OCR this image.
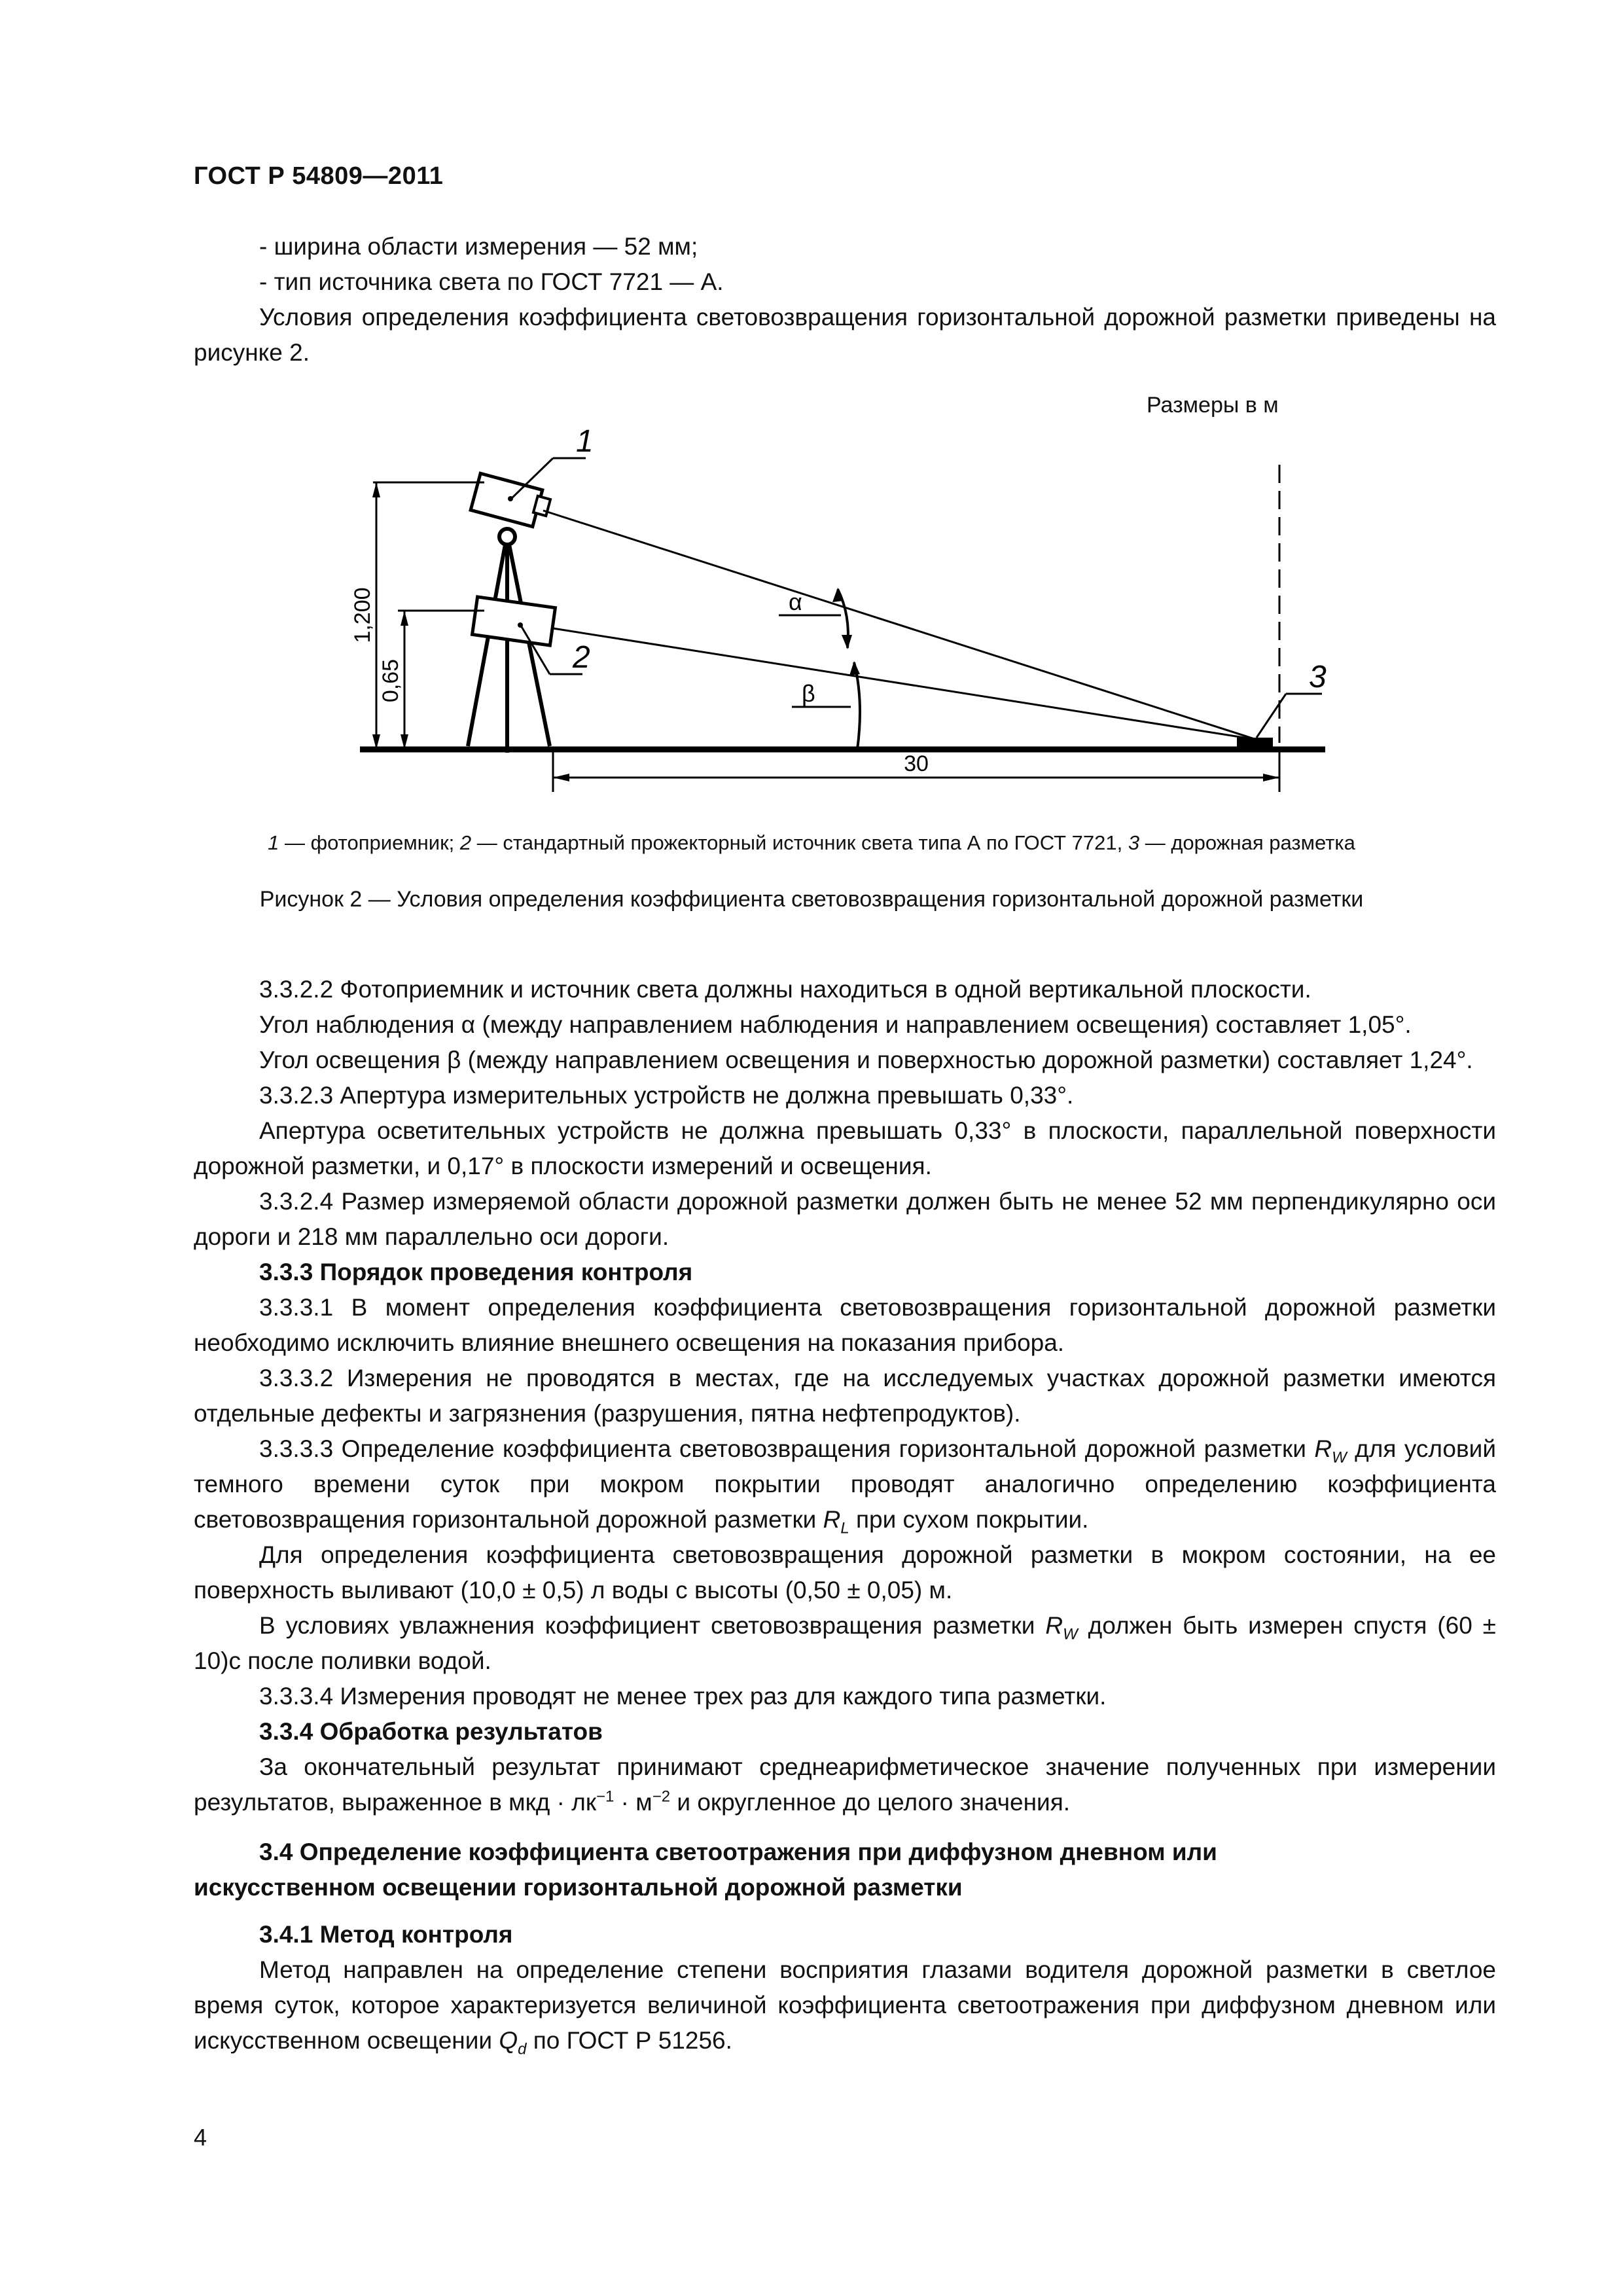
ГОСТ Р 54809—2011

- ширина области измерения — 52 мм;

- тип источника света по ГОСТ 7721 — А.

Условия определения коэффициента световозвращения горизонтальной дорожной разметки приведены на рисунке 2.

Размеры в м
1,200
0,65
30
α
β
1
2
3
1 — фотоприемник; 2 — стандартный прожекторный источник света типа А по ГОСТ 7721, 3 — дорожная разметка
Рисунок 2 — Условия определения коэффициента световозвращения горизонтальной дорожной разметки

3.3.2.2 Фотоприемник и источник света должны находиться в одной вертикальной плоскости.

Угол наблюдения α (между направлением наблюдения и направлением освещения) составляет 1,05°.

Угол освещения β (между направлением освещения и поверхностью дорожной разметки) составляет 1,24°.

3.3.2.3 Апертура измерительных устройств не должна превышать 0,33°.

Апертура осветительных устройств не должна превышать 0,33° в плоскости, параллельной поверхности дорожной разметки, и 0,17° в плоскости измерений и освещения.

3.3.2.4 Размер измеряемой области дорожной разметки должен быть не менее 52 мм перпендикулярно оси дороги и 218 мм параллельно оси дороги.

3.3.3 Порядок проведения контроля

3.3.3.1 В момент определения коэффициента световозвращения горизонтальной дорожной разметки необходимо исключить влияние внешнего освещения на показания прибора.

3.3.3.2 Измерения не проводятся в местах, где на исследуемых участках дорожной разметки имеются отдельные дефекты и загрязнения (разрушения, пятна нефтепродуктов).

3.3.3.3 Определение коэффициента световозвращения горизонтальной дорожной разметки $R_W$ для условий темного времени суток при мокром покрытии проводят аналогично определению коэффициента световозвращения горизонтальной дорожной разметки $R_L$ при сухом покрытии.

Для определения коэффициента световозвращения дорожной разметки в мокром состоянии, на ее поверхность выливают (10,0 ± 0,5) л воды с высоты (0,50 ± 0,05) м.

В условиях увлажнения коэффициент световозвращения разметки $R_W$ должен быть измерен спустя (60 ± 10)с после поливки водой.

3.3.3.4 Измерения проводят не менее трех раз для каждого типа разметки.

3.3.4 Обработка результатов

За окончательный результат принимают среднеарифметическое значение полученных при измерении результатов, выраженное в мкд · $лк^{-1} \cdot м^{-2}$ и округленное до целого значения.

3.4 Определение коэффициента светоотражения при диффузном дневном или

искусственном освещении горизонтальной дорожной разметки

3.4.1 Метод контроля

Метод направлен на определение степени восприятия глазами водителя дорожной разметки в светлое время суток, которое характеризуется величиной коэффициента светоотражения при диффузном дневном или искусственном освещении $Q_d$ по ГОСТ Р 51256.

4
